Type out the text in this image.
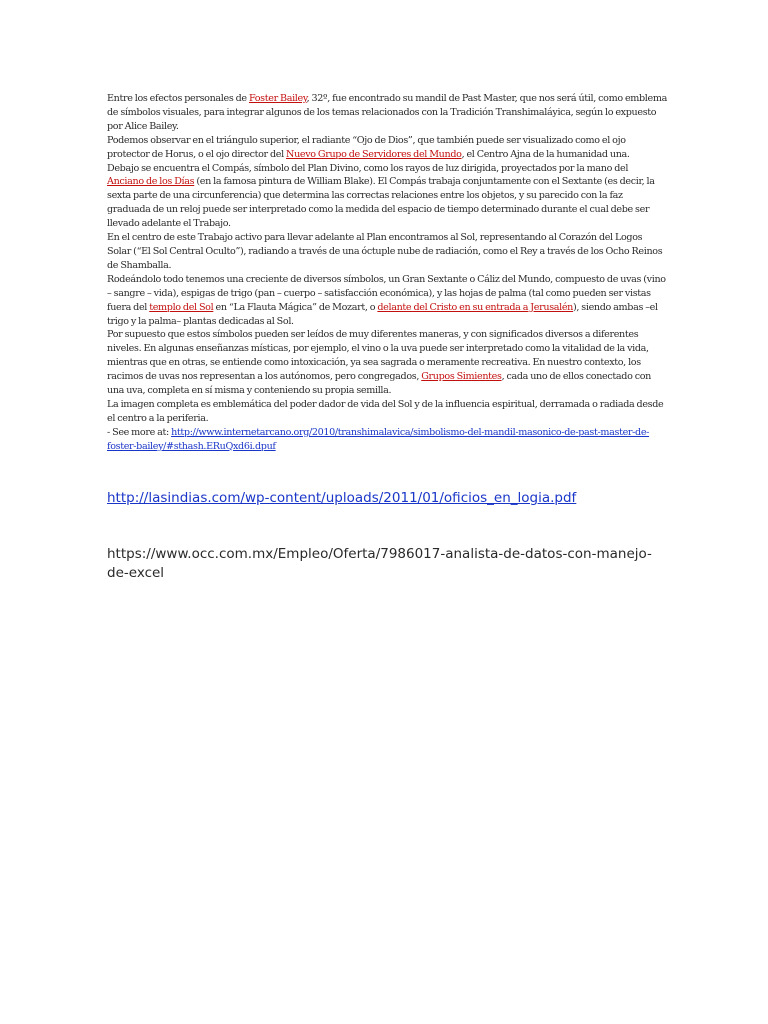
Entre los efectos personales de Foster Bailey, 32º, fue encontrado su mandil de Past Master, que nos será útil, como emblema de símbolos visuales, para integrar algunos de los temas relacionados con la Tradición Transhimaláyica, según lo expuesto por Alice Bailey.

Podemos observar en el triángulo superior, el radiante “Ojo de Dios”, que también puede ser visualizado como el ojo protector de Horus, o el ojo director del Nuevo Grupo de Servidores del Mundo, el Centro Ajna de la humanidad una.

Debajo se encuentra el Compás, símbolo del Plan Divino, como los rayos de luz dirigida, proyectados por la mano del Anciano de los Días (en la famosa pintura de William Blake). El Compás trabaja conjuntamente con el Sextante (es decir, la sexta parte de una circunferencia) que determina las correctas relaciones entre los objetos, y su parecido con la faz graduada de un reloj puede ser interpretado como la medida del espacio de tiempo determinado durante el cual debe ser llevado adelante el Trabajo.

En el centro de este Trabajo activo para llevar adelante al Plan encontramos al Sol, representando al Corazón del Logos Solar (“El Sol Central Oculto”), radiando a través de una óctuple nube de radiación, como el Rey a través de los Ocho Reinos de Shamballa.

Rodeándolo todo tenemos una creciente de diversos símbolos, un Gran Sextante o Cáliz del Mundo, compuesto de uvas (vino – sangre – vida), espigas de trigo (pan – cuerpo – satisfacción económica), y las hojas de palma (tal como pueden ser vistas fuera del templo del Sol en “La Flauta Mágica” de Mozart, o delante del Cristo en su entrada a Jerusalén), siendo ambas –el trigo y la palma– plantas dedicadas al Sol.

Por supuesto que estos símbolos pueden ser leídos de muy diferentes maneras, y con significados diversos a diferentes niveles. En algunas enseñanzas místicas, por ejemplo, el vino o la uva puede ser interpretado como la vitalidad de la vida, mientras que en otras, se entiende como intoxicación, ya sea sagrada o meramente recreativa. En nuestro contexto, los racimos de uvas nos representan a los autónomos, pero congregados, Grupos Simientes, cada uno de ellos conectado con una uva, completa en sí misma y conteniendo su propia semilla.

La imagen completa es emblemática del poder dador de vida del Sol y de la influencia espiritual, derramada o radiada desde el centro a la periferia.

- See more at: http://www.internetarcano.org/2010/transhimalavica/simbolismo-del-mandil-masonico-de-past-master-de-foster-bailey/#sthash.ERuQxd6i.dpuf

http://lasindias.com/wp-content/uploads/2011/01/oficios_en_logia.pdf
https://www.occ.com.mx/Empleo/Oferta/7986017-analista-de-datos-con-manejo-de-excel
